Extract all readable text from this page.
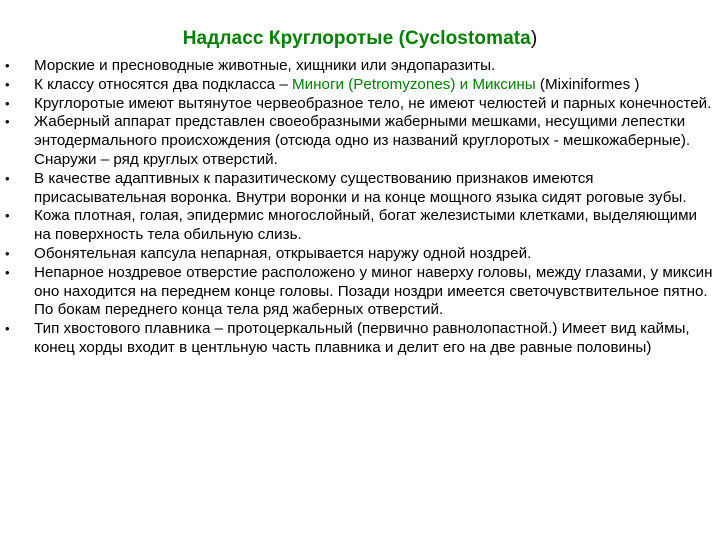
Надласс Круглоротые (Cyclostomata)
• Морские и пресноводные животные, хищники или эндопаразиты.
• К классу относятся два подкласса – Миноги (Petromyzones) и Миксины (Mixiniformes )
• Круглоротые имеют вытянутое червеобразное тело, не имеют челюстей и парных конечностей.
• Жаберный аппарат представлен своеобразными жаберными мешками, несущими лепестки энтодермального происхождения (отсюда одно из названий круглоротых - мешкожаберные). Снаружи – ряд круглых отверстий.
• В качестве адаптивных к паразитическому существованию признаков имеются присасывательная воронка. Внутри воронки и на конце мощного языка сидят роговые зубы.
• Кожа плотная, голая, эпидермис многослойный, богат железистыми клетками, выделяющими на поверхность тела обильную слизь.
• Обонятельная капсула непарная, открывается наружу одной ноздрей.
• Непарное ноздревое отверстие расположено у миног наверху головы, между глазами, у миксин оно находится на переднем конце головы. Позади ноздри имеется светочувствительное пятно. По бокам переднего конца тела ряд жаберных отверстий.
• Тип хвостового плавника – протоцеркальный (первично равнолопастной.) Имеет вид каймы, конец хорды входит в центльную часть плавника и делит его на две равные половины)
